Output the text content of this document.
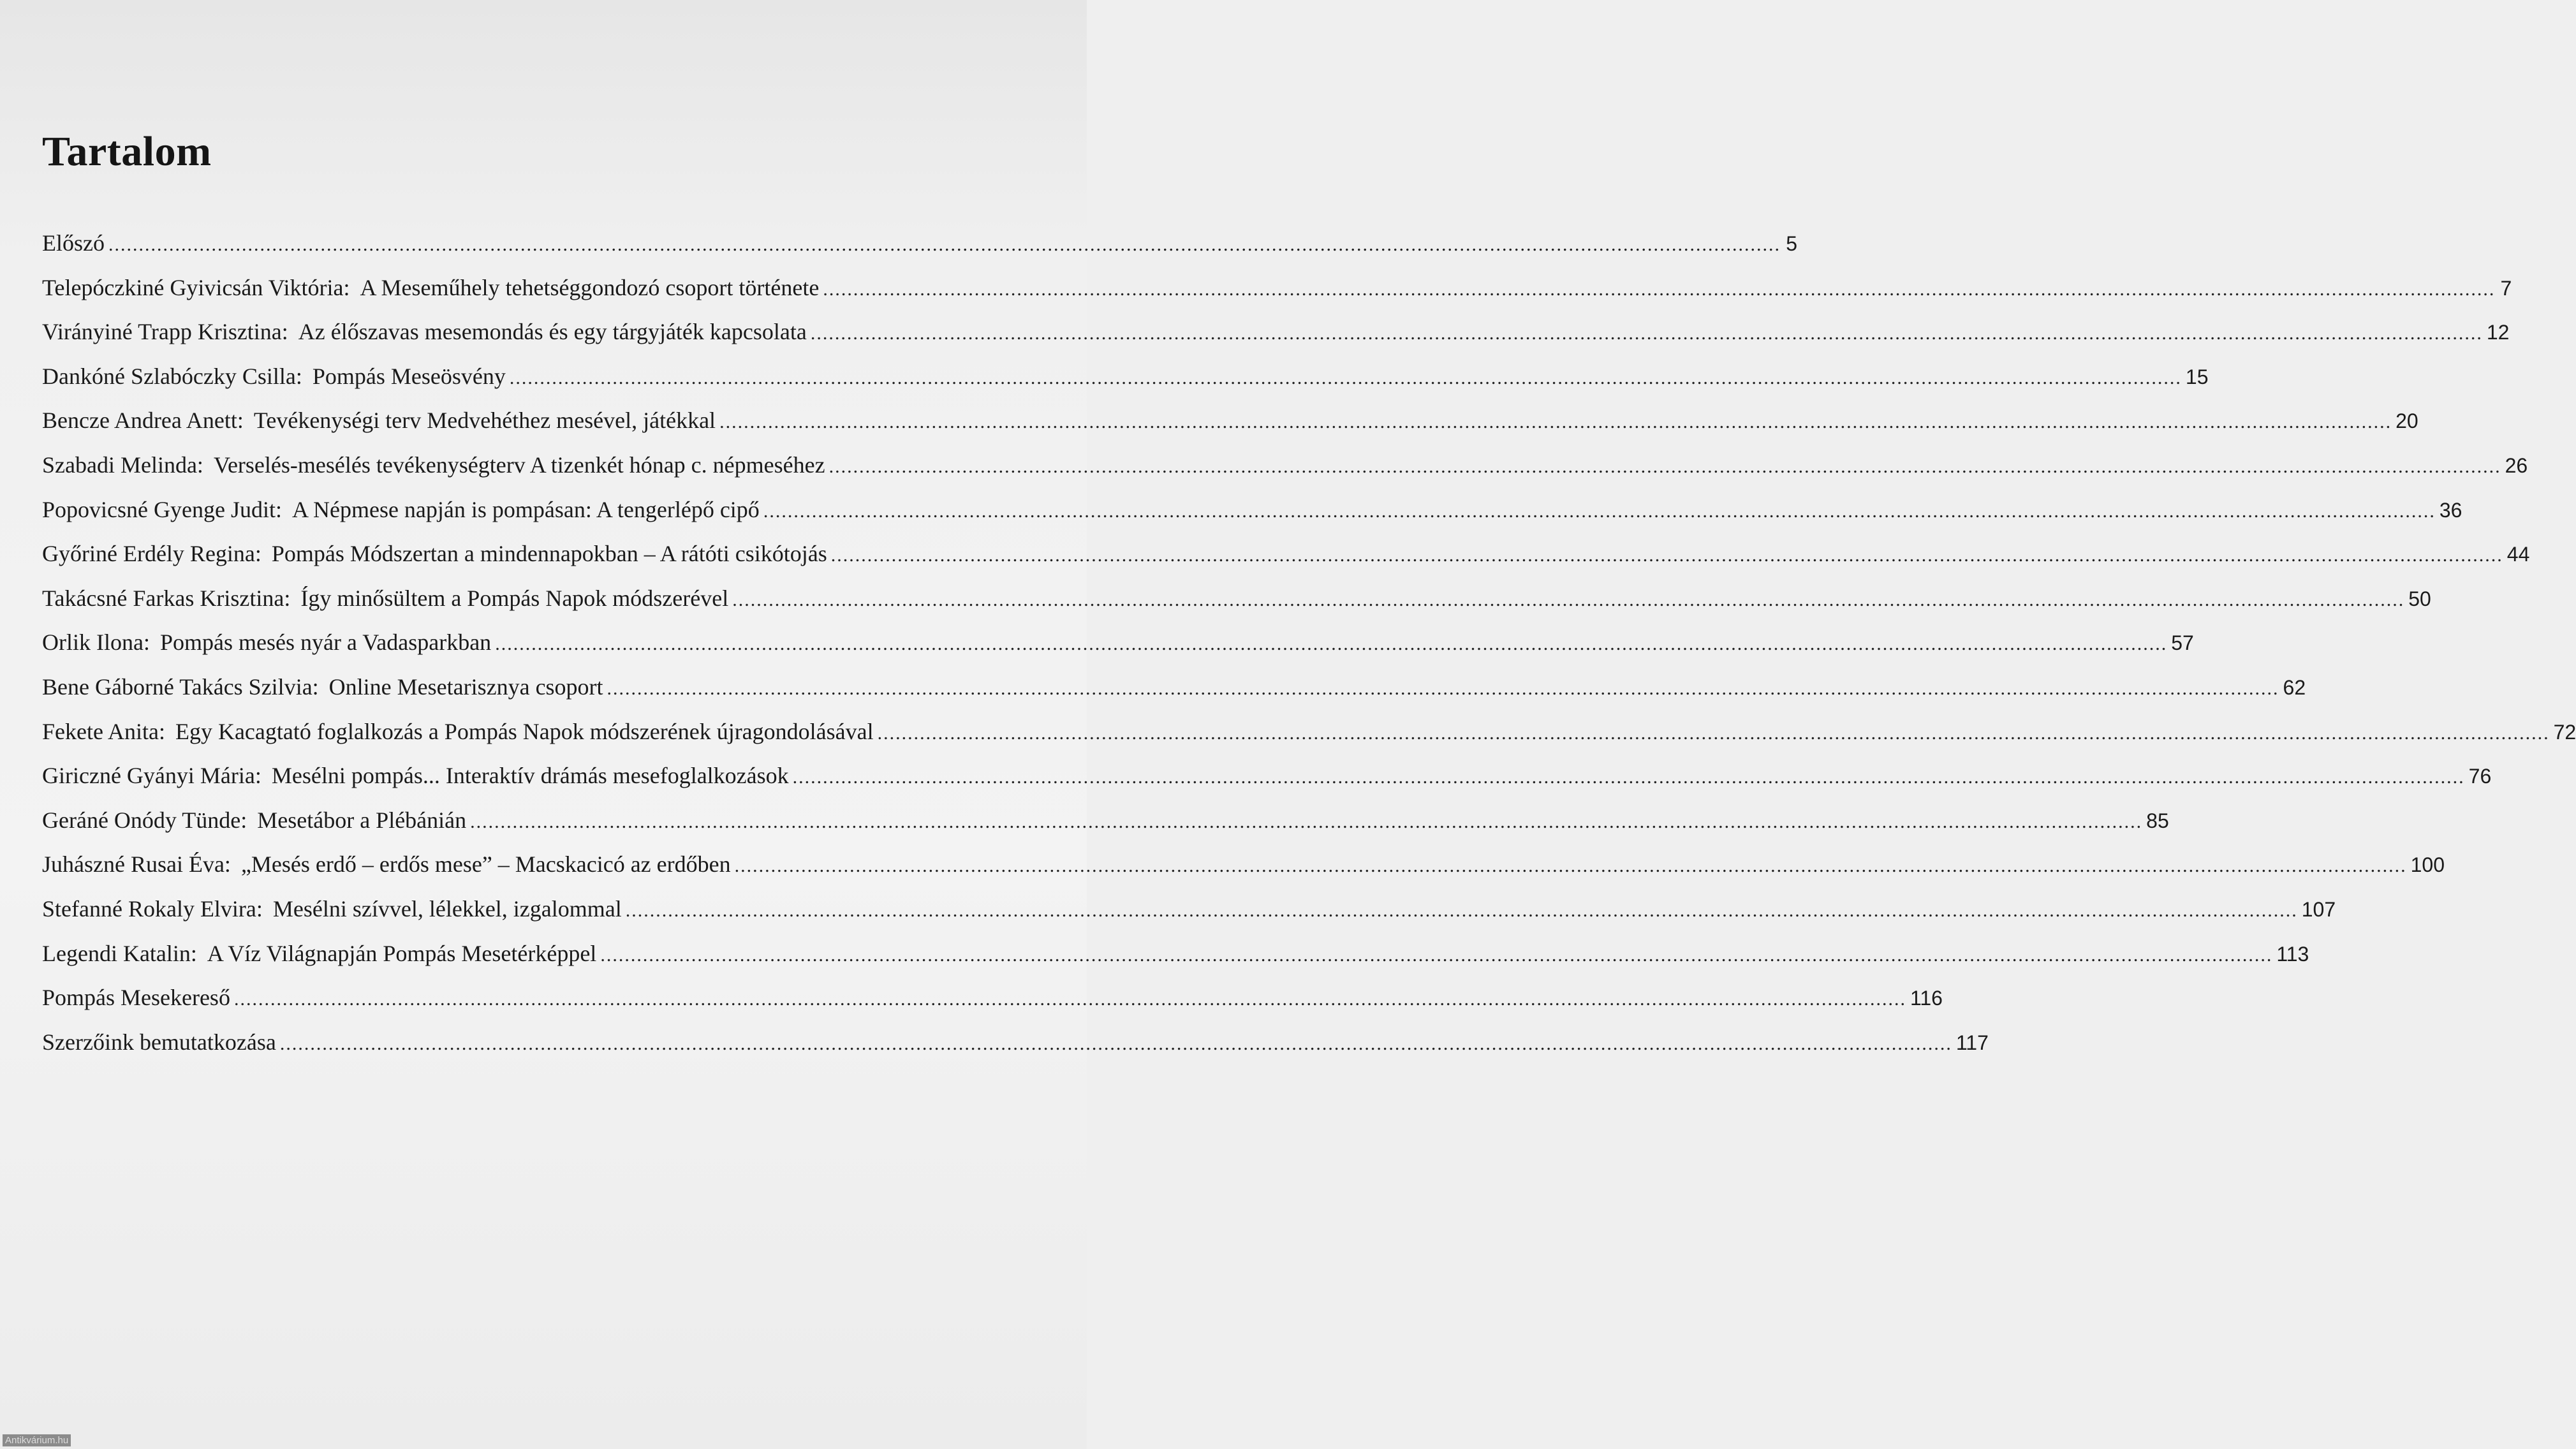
Tartalom
Előszó .....	5
Telepóczkiné Gyivicsán Viktória: A Meseműhely tehetséggondozó csoport története .....	7
Virányiné Trapp Krisztina: Az élőszavas mesemondás és egy tárgyjáték kapcsolata .....	12
Dankóné Szlabóczky Csilla: Pompás Meseösvény .....	15
Bencze Andrea Anett: Tevékenységi terv Medvehéthez mesével, játékkal .....	20
Szabadi Melinda: Verselés-mesélés tevékenységterv A tizenkét hónap c. népmeséhez .....	26
Popovicsné Gyenge Judit: A Népmese napján is pompásan: A tengerlépő cipő .....	36
Győriné Erdély Regina: Pompás Módszertan a mindennapokban – A rátóti csikótojás .....	44
Takácsné Farkas Krisztina: Így minősültem a Pompás Napok módszerével .....	50
Orlik Ilona: Pompás mesés nyár a Vadasparkban .....	57
Bene Gáborné Takács Szilvia: Online Mesetarisznya csoport .....	62
Fekete Anita: Egy Kacagtató foglalkozás a Pompás Napok módszerének újragondolásával .....	72
Giriczné Gyányi Mária: Mesélni pompás... Interaktív drámás mesefoglalkozások .....	76
Geráné Onódy Tünde: Mesetábor a Plébánián .....	85
Juhászné Rusai Éva: „Mesés erdő – erdős mese” – Macskacicó az erdőben .....	100
Stefanné Rokaly Elvira: Mesélni szívvel, lélekkel, izgalommal .....	107
Legendi Katalin: A Víz Világnapján Pompás Mesetérképpel .....	113
Pompás Mesekereső .....	116
Szerzőink bemutatkozása .....	117
Antikvárium.hu
